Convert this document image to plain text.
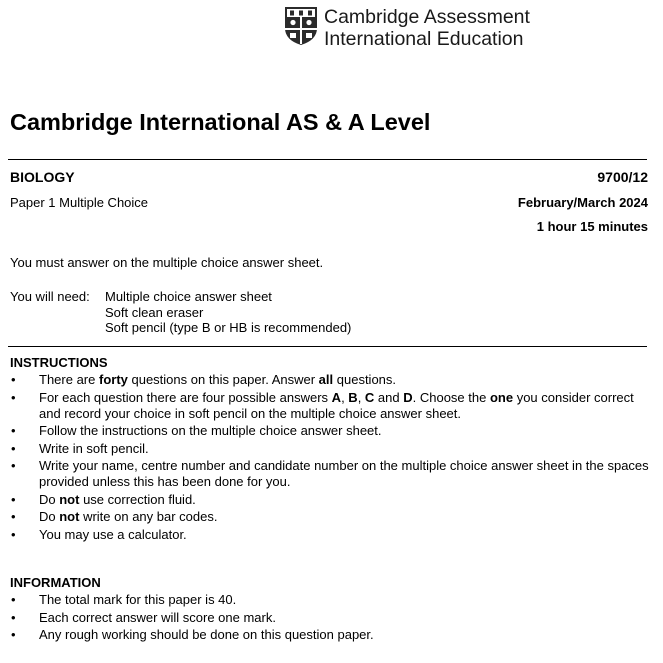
Cambridge Assessment
International Education
Cambridge International AS & A Level
BIOLOGY	9700/12
Paper 1 Multiple Choice	February/March 2024
1 hour 15 minutes
You must answer on the multiple choice answer sheet.
You will need: Multiple choice answer sheet
Soft clean eraser
Soft pencil (type B or HB is recommended)
INSTRUCTIONS
• There are forty questions on this paper. Answer all questions.
• For each question there are four possible answers A, B, C and D. Choose the one you consider correct and record your choice in soft pencil on the multiple choice answer sheet.
• Follow the instructions on the multiple choice answer sheet.
• Write in soft pencil.
• Write your name, centre number and candidate number on the multiple choice answer sheet in the spaces provided unless this has been done for you.
• Do not use correction fluid.
• Do not write on any bar codes.
• You may use a calculator.
INFORMATION
• The total mark for this paper is 40.
• Each correct answer will score one mark.
• Any rough working should be done on this question paper.
